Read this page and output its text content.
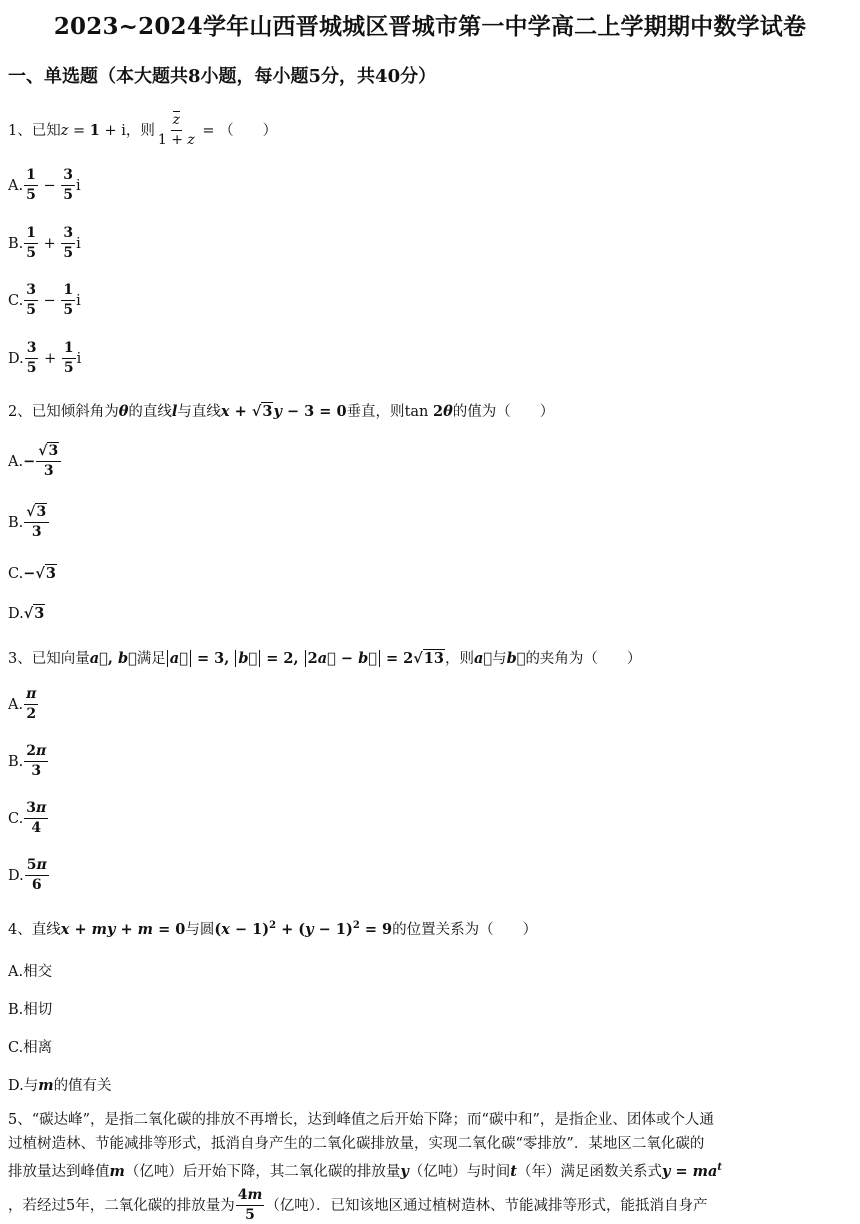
2023~2024学年山西晋城城区晋城市第一中学高二上学期期中数学试卷
一、单选题（本大题共8小题，每小题5分，共40分）
1、已知z = 1 + i，则 $\frac{z}{1 + z}$ = （　　）
A. $\frac{1}{5} - \frac{3}{5}$ i
B. $\frac{1}{5} + \frac{3}{5}$ i
C. $\frac{3}{5} - \frac{1}{5}$ i
D. $\frac{3}{5} + \frac{1}{5}$ i
2、已知倾斜角为θ的直线l与直线x + √3y − 3 = 0垂直，则tan 2θ的值为（　　）
$A.- \frac{√3}{3}$
B. $\frac{√3}{3}$
C.−√3
D.√3
3、已知向量a⃗, b⃗满足 a⃗ = 3, b⃗ = 2, 2a⃗ − b⃗ = 2√13，则a⃗与b⃗的夹角为（　　）
A. $\frac{\pi}{2}$
B. $\frac{2\pi}{3}$
C. $\frac{3\pi}{4}$
D. $\frac{5\pi}{6}$
4、直线x + my + m = 0与圆$(x - 1)^2 + (y - 1)^2 = 9$的位置关系为（　　）
A.相交
B.相切
C.相离
D.与m的值有关
5、“碳达峰”，是指二氧化碳的排放不再增长，达到峰值之后开始下降；而“碳中和”，是指企业、团体或个人通
过植树造林、节能减排等形式，抵消自身产生的二氧化碳排放量，实现二氧化碳“零排放”．某地区二氧化碳的
排放量达到峰值m（亿吨）后开始下降，其二氧化碳的排放量y（亿吨）与时间t（年）满足函数关系式$y = ma^t$
，若经过5年，二氧化碳的排放量为 $\frac{4m}{5}$ （亿吨）．已知该地区通过植树造林、节能减排等形式，能抵消自身产
